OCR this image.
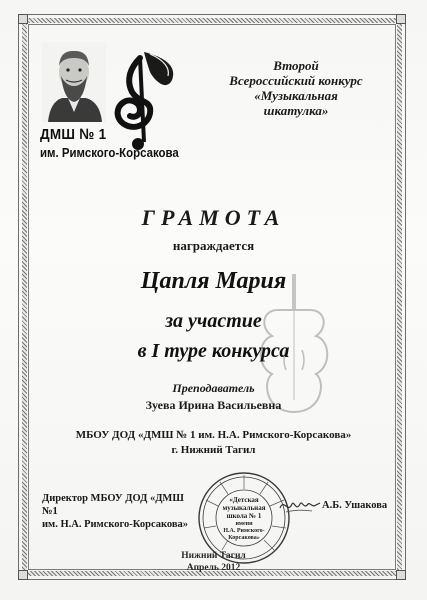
ДМШ № 1
им. Римского-Корсакова
Второй
Всероссийский конкурс
«Музыкальная
шкатулка»
ГРАМОТА
награждается
Цапля Мария
за участие
в I туре конкурса
Преподаватель
Зуева Ирина Васильевна
МБОУ ДОД «ДМШ № 1 им. Н.А. Римского-Корсакова»
г. Нижний Тагил
Директор МБОУ ДОД «ДМШ №1
им. Н.А. Римского-Корсакова»
«Детская
музыкальная
школа № 1
имени
Н.А. Римского-
Корсакова»
А.Б. Ушакова
Нижний Тагил
Апрель 2012
